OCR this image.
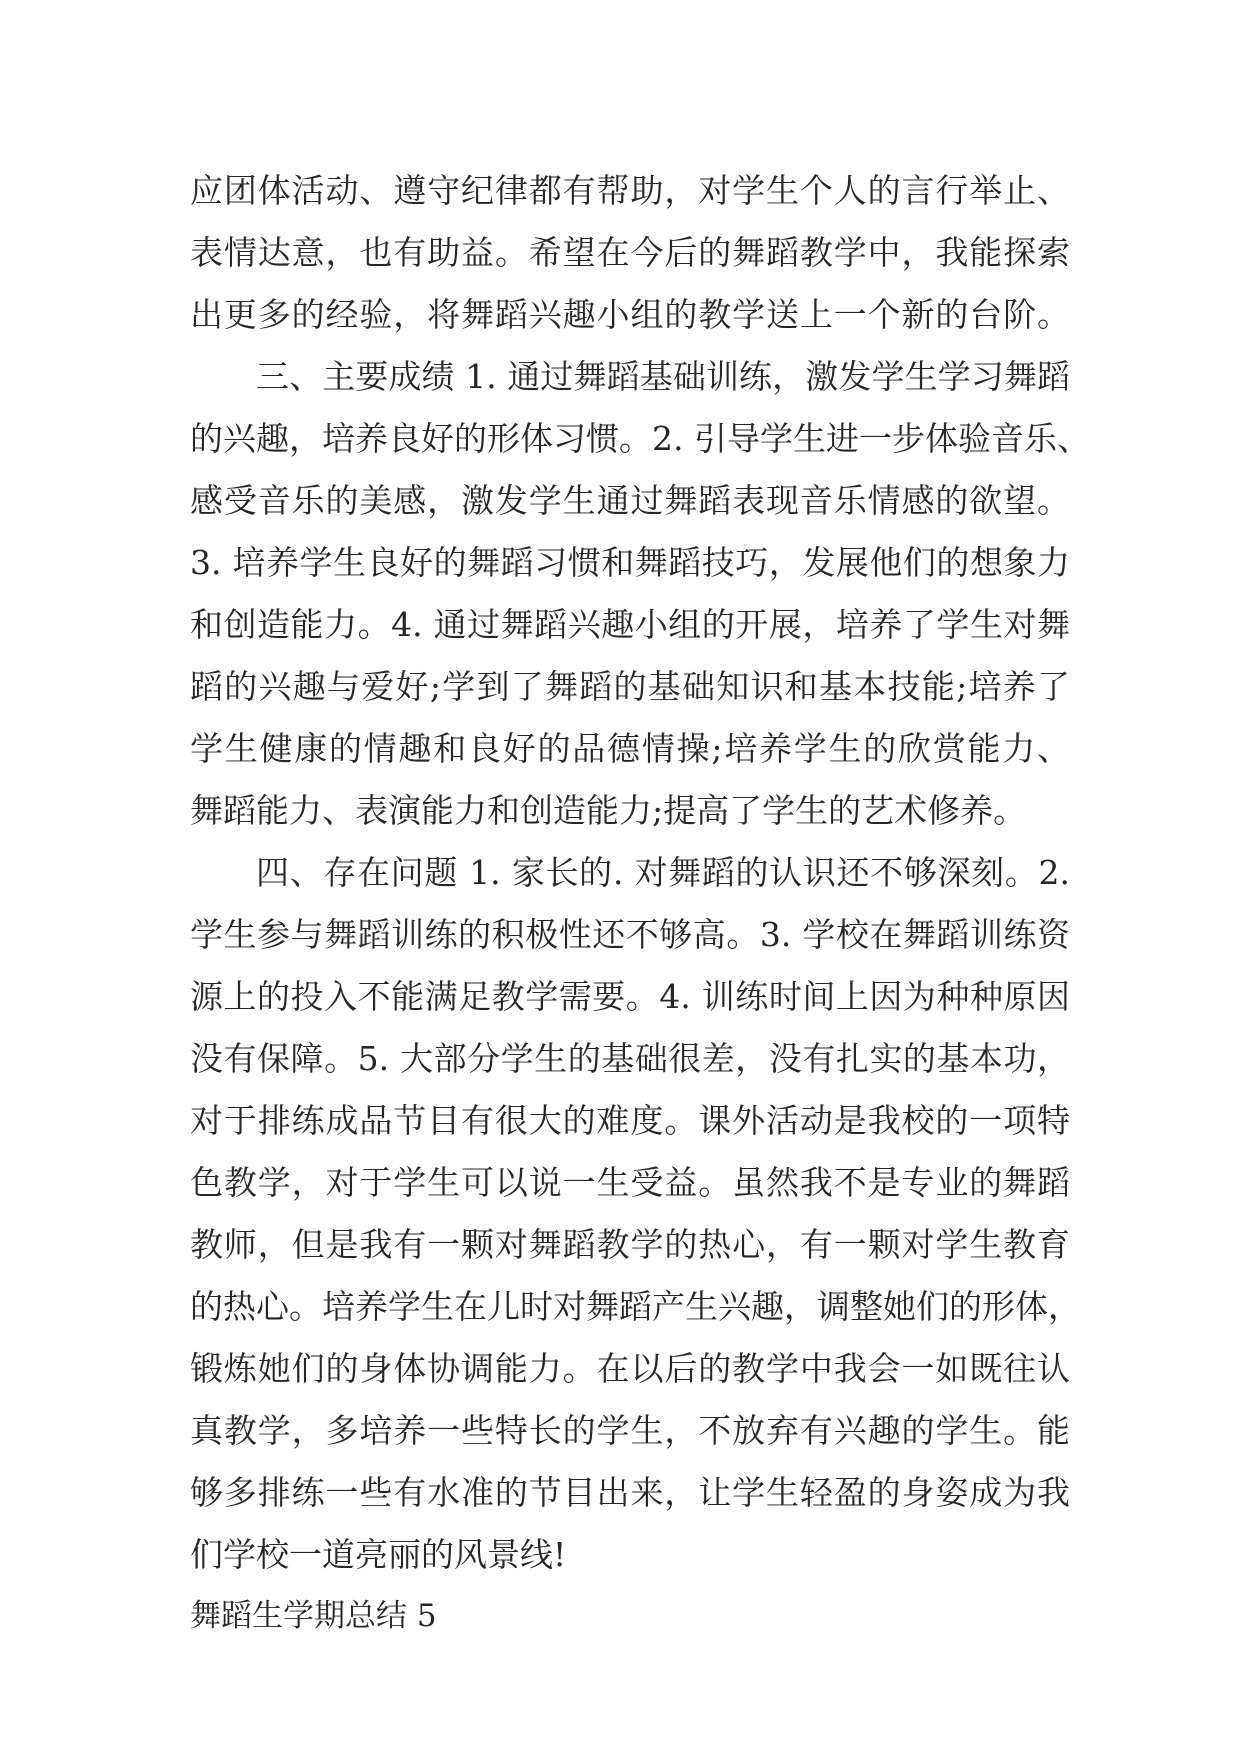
应团体活动、遵守纪律都有帮助，对学生个人的言行举止、
表情达意，也有助益。希望在今后的舞蹈教学中，我能探索
出更多的经验，将舞蹈兴趣小组的教学送上一个新的台阶。
三、主要成绩 1. 通过舞蹈基础训练，激发学生学习舞蹈
的兴趣，培养良好的形体习惯。2. 引导学生进一步体验音乐、
感受音乐的美感，激发学生通过舞蹈表现音乐情感的欲望。
3. 培养学生良好的舞蹈习惯和舞蹈技巧，发展他们的想象力
和创造能力。4. 通过舞蹈兴趣小组的开展，培养了学生对舞
蹈的兴趣与爱好;学到了舞蹈的基础知识和基本技能;培养了
学生健康的情趣和良好的品德情操;培养学生的欣赏能力、
舞蹈能力、表演能力和创造能力;提高了学生的艺术修养。
四、存在问题 1. 家长的. 对舞蹈的认识还不够深刻。2.
学生参与舞蹈训练的积极性还不够高。3. 学校在舞蹈训练资
源上的投入不能满足教学需要。4. 训练时间上因为种种原因
没有保障。5. 大部分学生的基础很差，没有扎实的基本功，
对于排练成品节目有很大的难度。课外活动是我校的一项特
色教学，对于学生可以说一生受益。虽然我不是专业的舞蹈
教师，但是我有一颗对舞蹈教学的热心，有一颗对学生教育
的热心。培养学生在儿时对舞蹈产生兴趣，调整她们的形体，
锻炼她们的身体协调能力。在以后的教学中我会一如既往认
真教学，多培养一些特长的学生，不放弃有兴趣的学生。能
够多排练一些有水准的节目出来，让学生轻盈的身姿成为我
们学校一道亮丽的风景线!
舞蹈生学期总结 5
